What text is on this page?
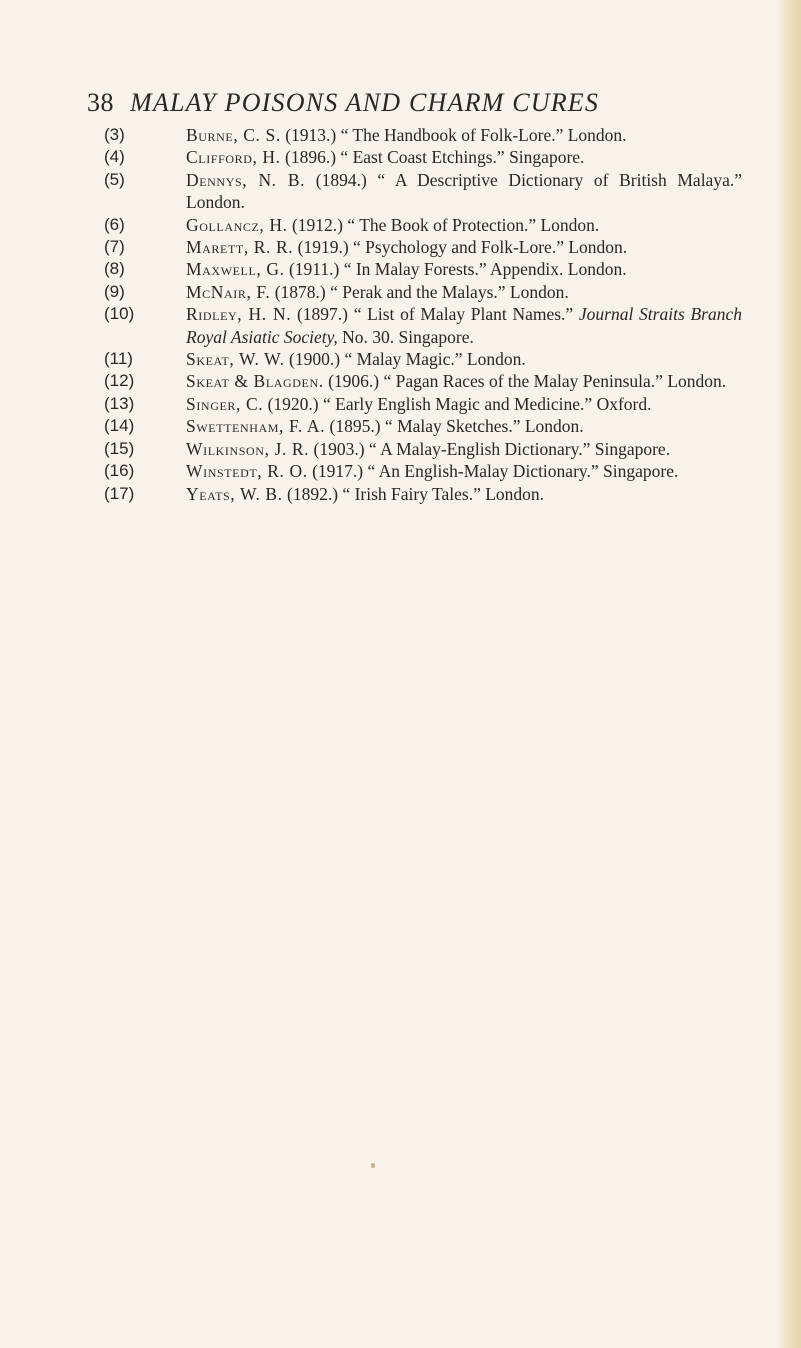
38 MALAY POISONS AND CHARM CURES
(3)	Burne, C. S. (1913.) “ The Handbook of Folk-Lore.” London.
(4)	Clifford, H. (1896.) “ East Coast Etchings.” Singapore.
(5)	Dennys, N. B. (1894.) “ A Descriptive Dictionary of British Malaya.” London.
(6)	Gollancz, H. (1912.) “ The Book of Protection.” London.
(7)	Marett, R. R. (1919.) “ Psychology and Folk-Lore.” London.
(8)	Maxwell, G. (1911.) “ In Malay Forests.” Appendix. London.
(9)	McNair, F. (1878.) “ Perak and the Malays.” London.
(10)	Ridley, H. N. (1897.) “ List of Malay Plant Names.” Journal Straits Branch Royal Asiatic Society, No. 30. Singapore.
(11)	Skeat, W. W. (1900.) “ Malay Magic.” London.
(12)	Skeat & Blagden. (1906.) “ Pagan Races of the Malay Peninsula.” London.
(13)	Singer, C. (1920.) “ Early English Magic and Medicine.” Oxford.
(14)	Swettenham, F. A. (1895.) “ Malay Sketches.” London.
(15)	Wilkinson, J. R. (1903.) “ A Malay-English Dictionary.” Singapore.
(16)	Winstedt, R. O. (1917.) “ An English-Malay Dictionary.” Singapore.
(17)	Yeats, W. B. (1892.) “ Irish Fairy Tales.” London.
